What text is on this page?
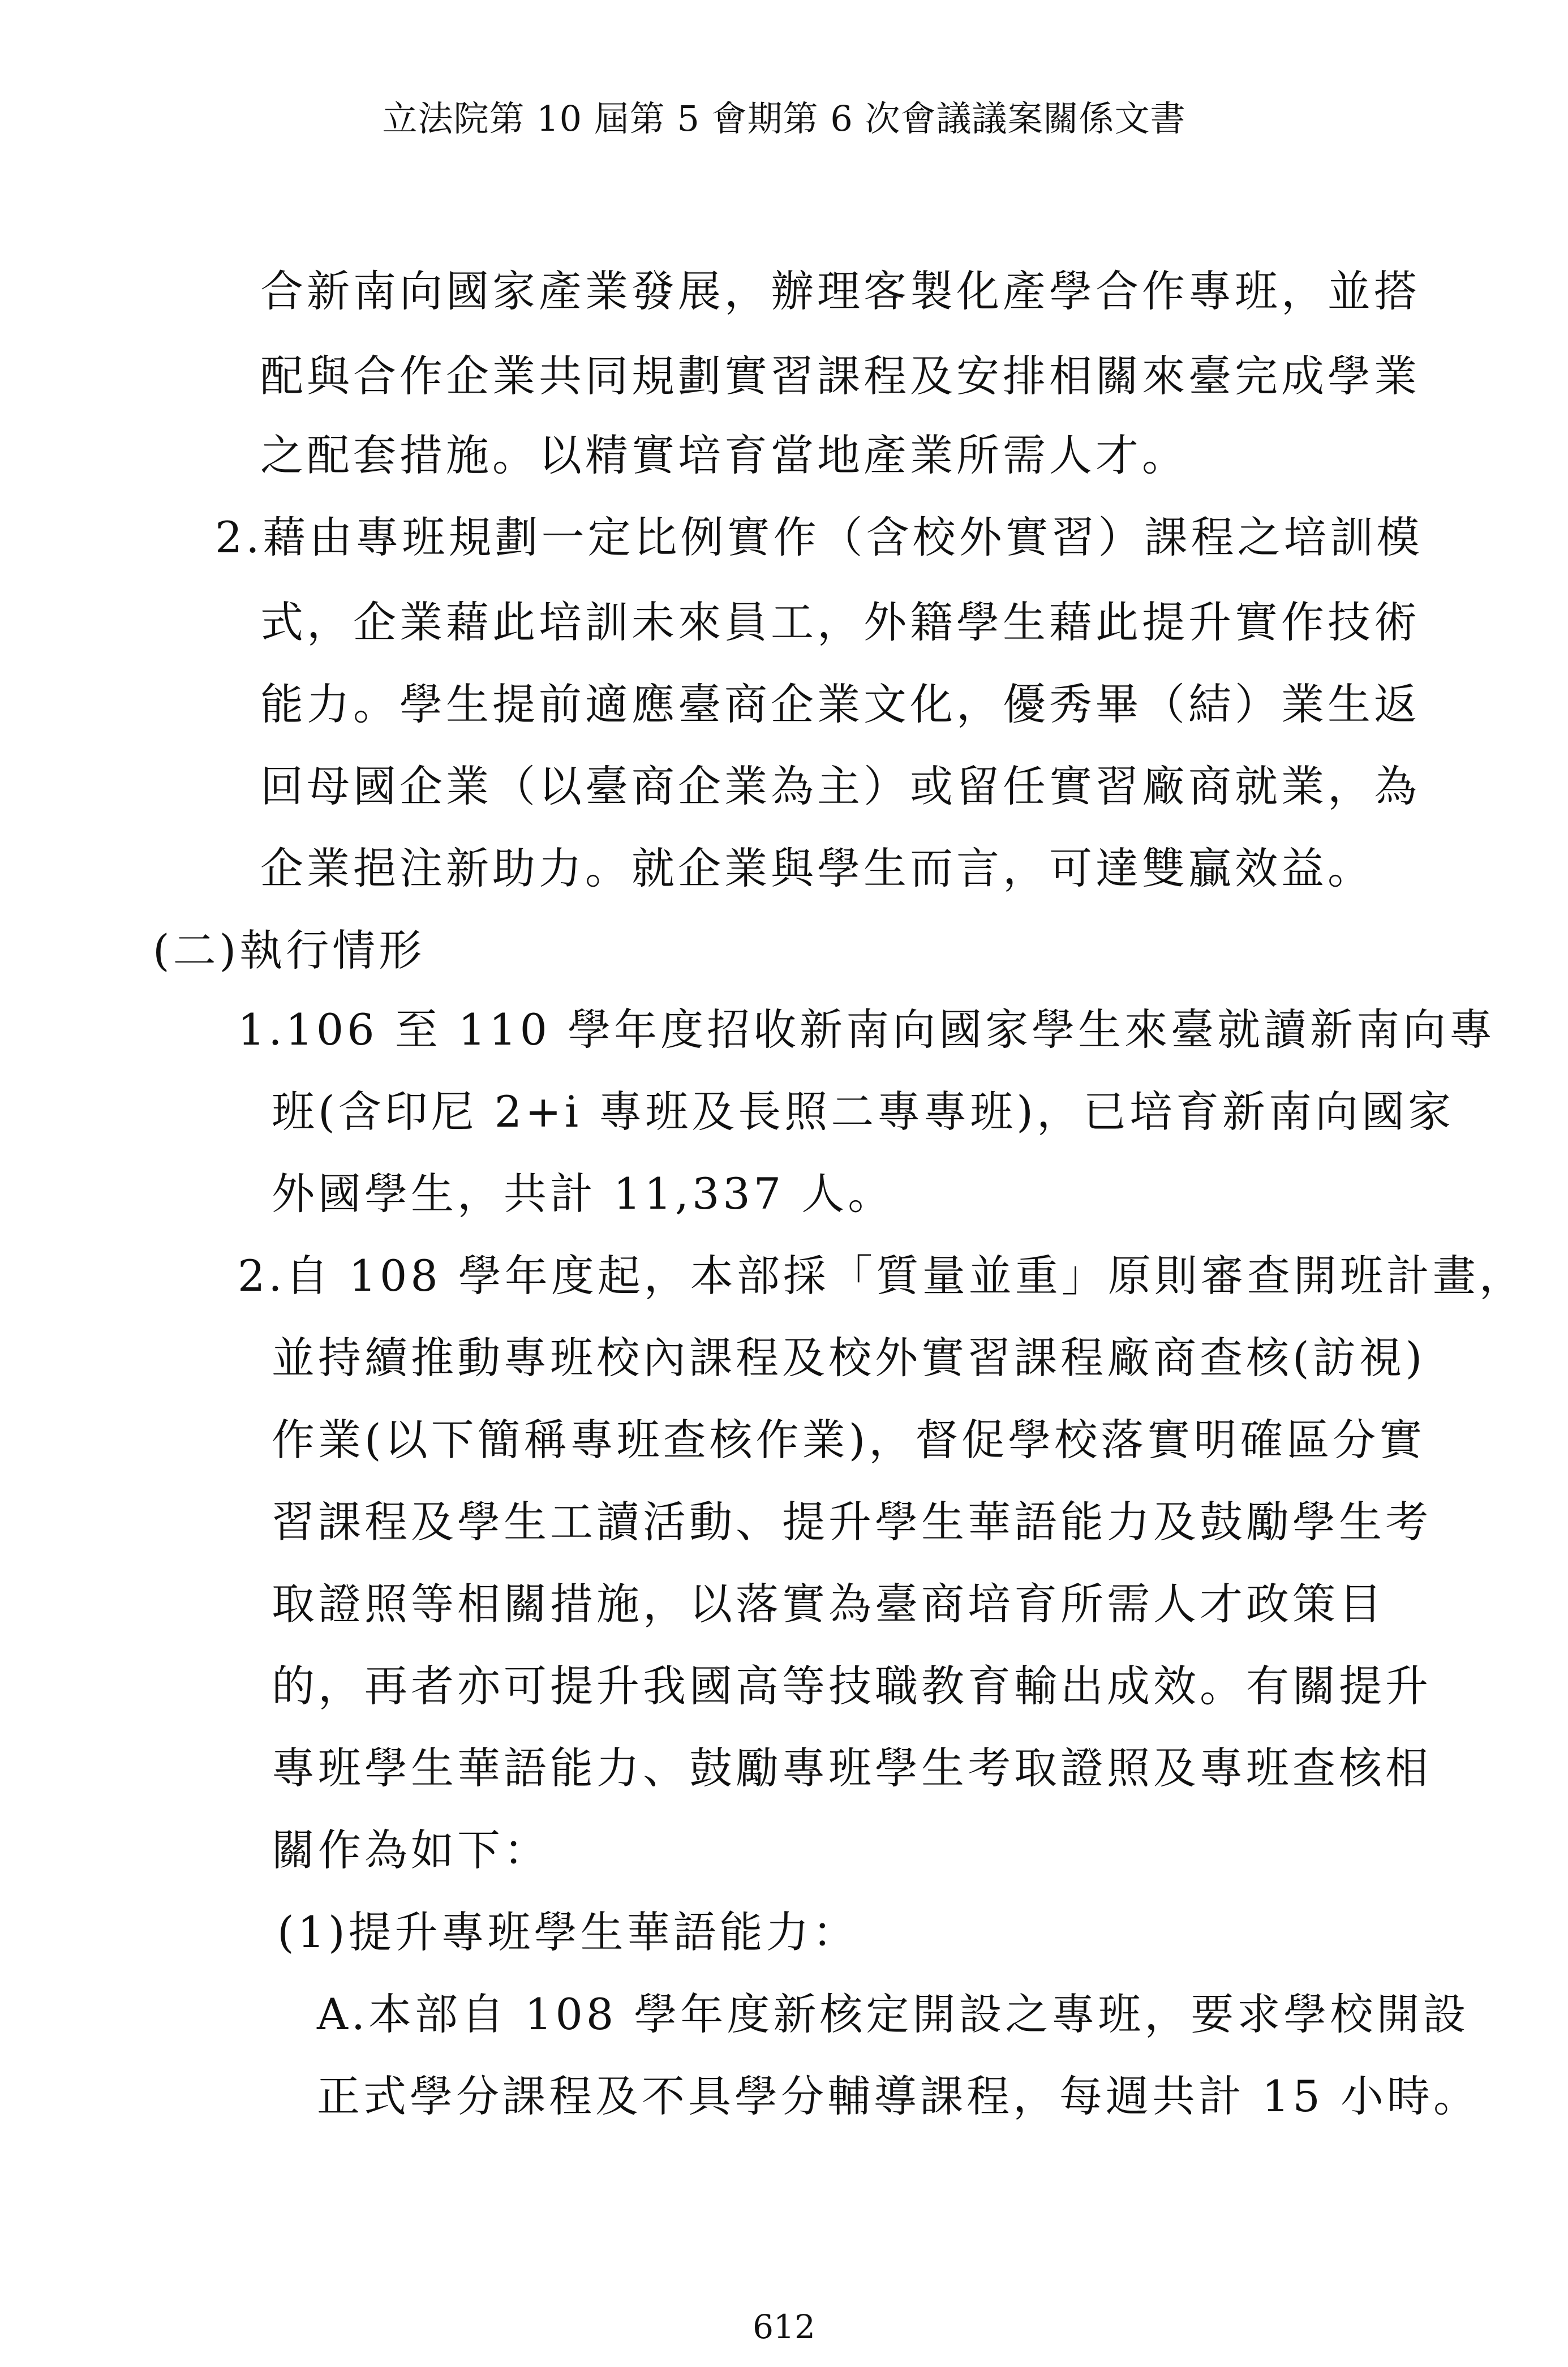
立法院第 10 屆第 5 會期第 6 次會議議案關係文書
合新南向國家產業發展，辦理客製化產學合作專班，並搭
配與合作企業共同規劃實習課程及安排相關來臺完成學業
之配套措施。以精實培育當地產業所需人才。
2.藉由專班規劃一定比例實作（含校外實習）課程之培訓模
式，企業藉此培訓未來員工，外籍學生藉此提升實作技術
能力。學生提前適應臺商企業文化，優秀畢（結）業生返
回母國企業（以臺商企業為主）或留任實習廠商就業，為
企業挹注新助力。就企業與學生而言，可達雙贏效益。
(二)執行情形
1.106 至 110 學年度招收新南向國家學生來臺就讀新南向專
班(含印尼 2+i 專班及長照二專專班)，已培育新南向國家
外國學生，共計 11,337 人。
2.自 108 學年度起，本部採「質量並重」原則審查開班計畫，
並持續推動專班校內課程及校外實習課程廠商查核(訪視)
作業(以下簡稱專班查核作業)，督促學校落實明確區分實
習課程及學生工讀活動、提升學生華語能力及鼓勵學生考
取證照等相關措施，以落實為臺商培育所需人才政策目
的，再者亦可提升我國高等技職教育輸出成效。有關提升
專班學生華語能力、鼓勵專班學生考取證照及專班查核相
關作為如下：
(1)提升專班學生華語能力：
A.本部自 108 學年度新核定開設之專班，要求學校開設
正式學分課程及不具學分輔導課程，每週共計 15 小時。
612
